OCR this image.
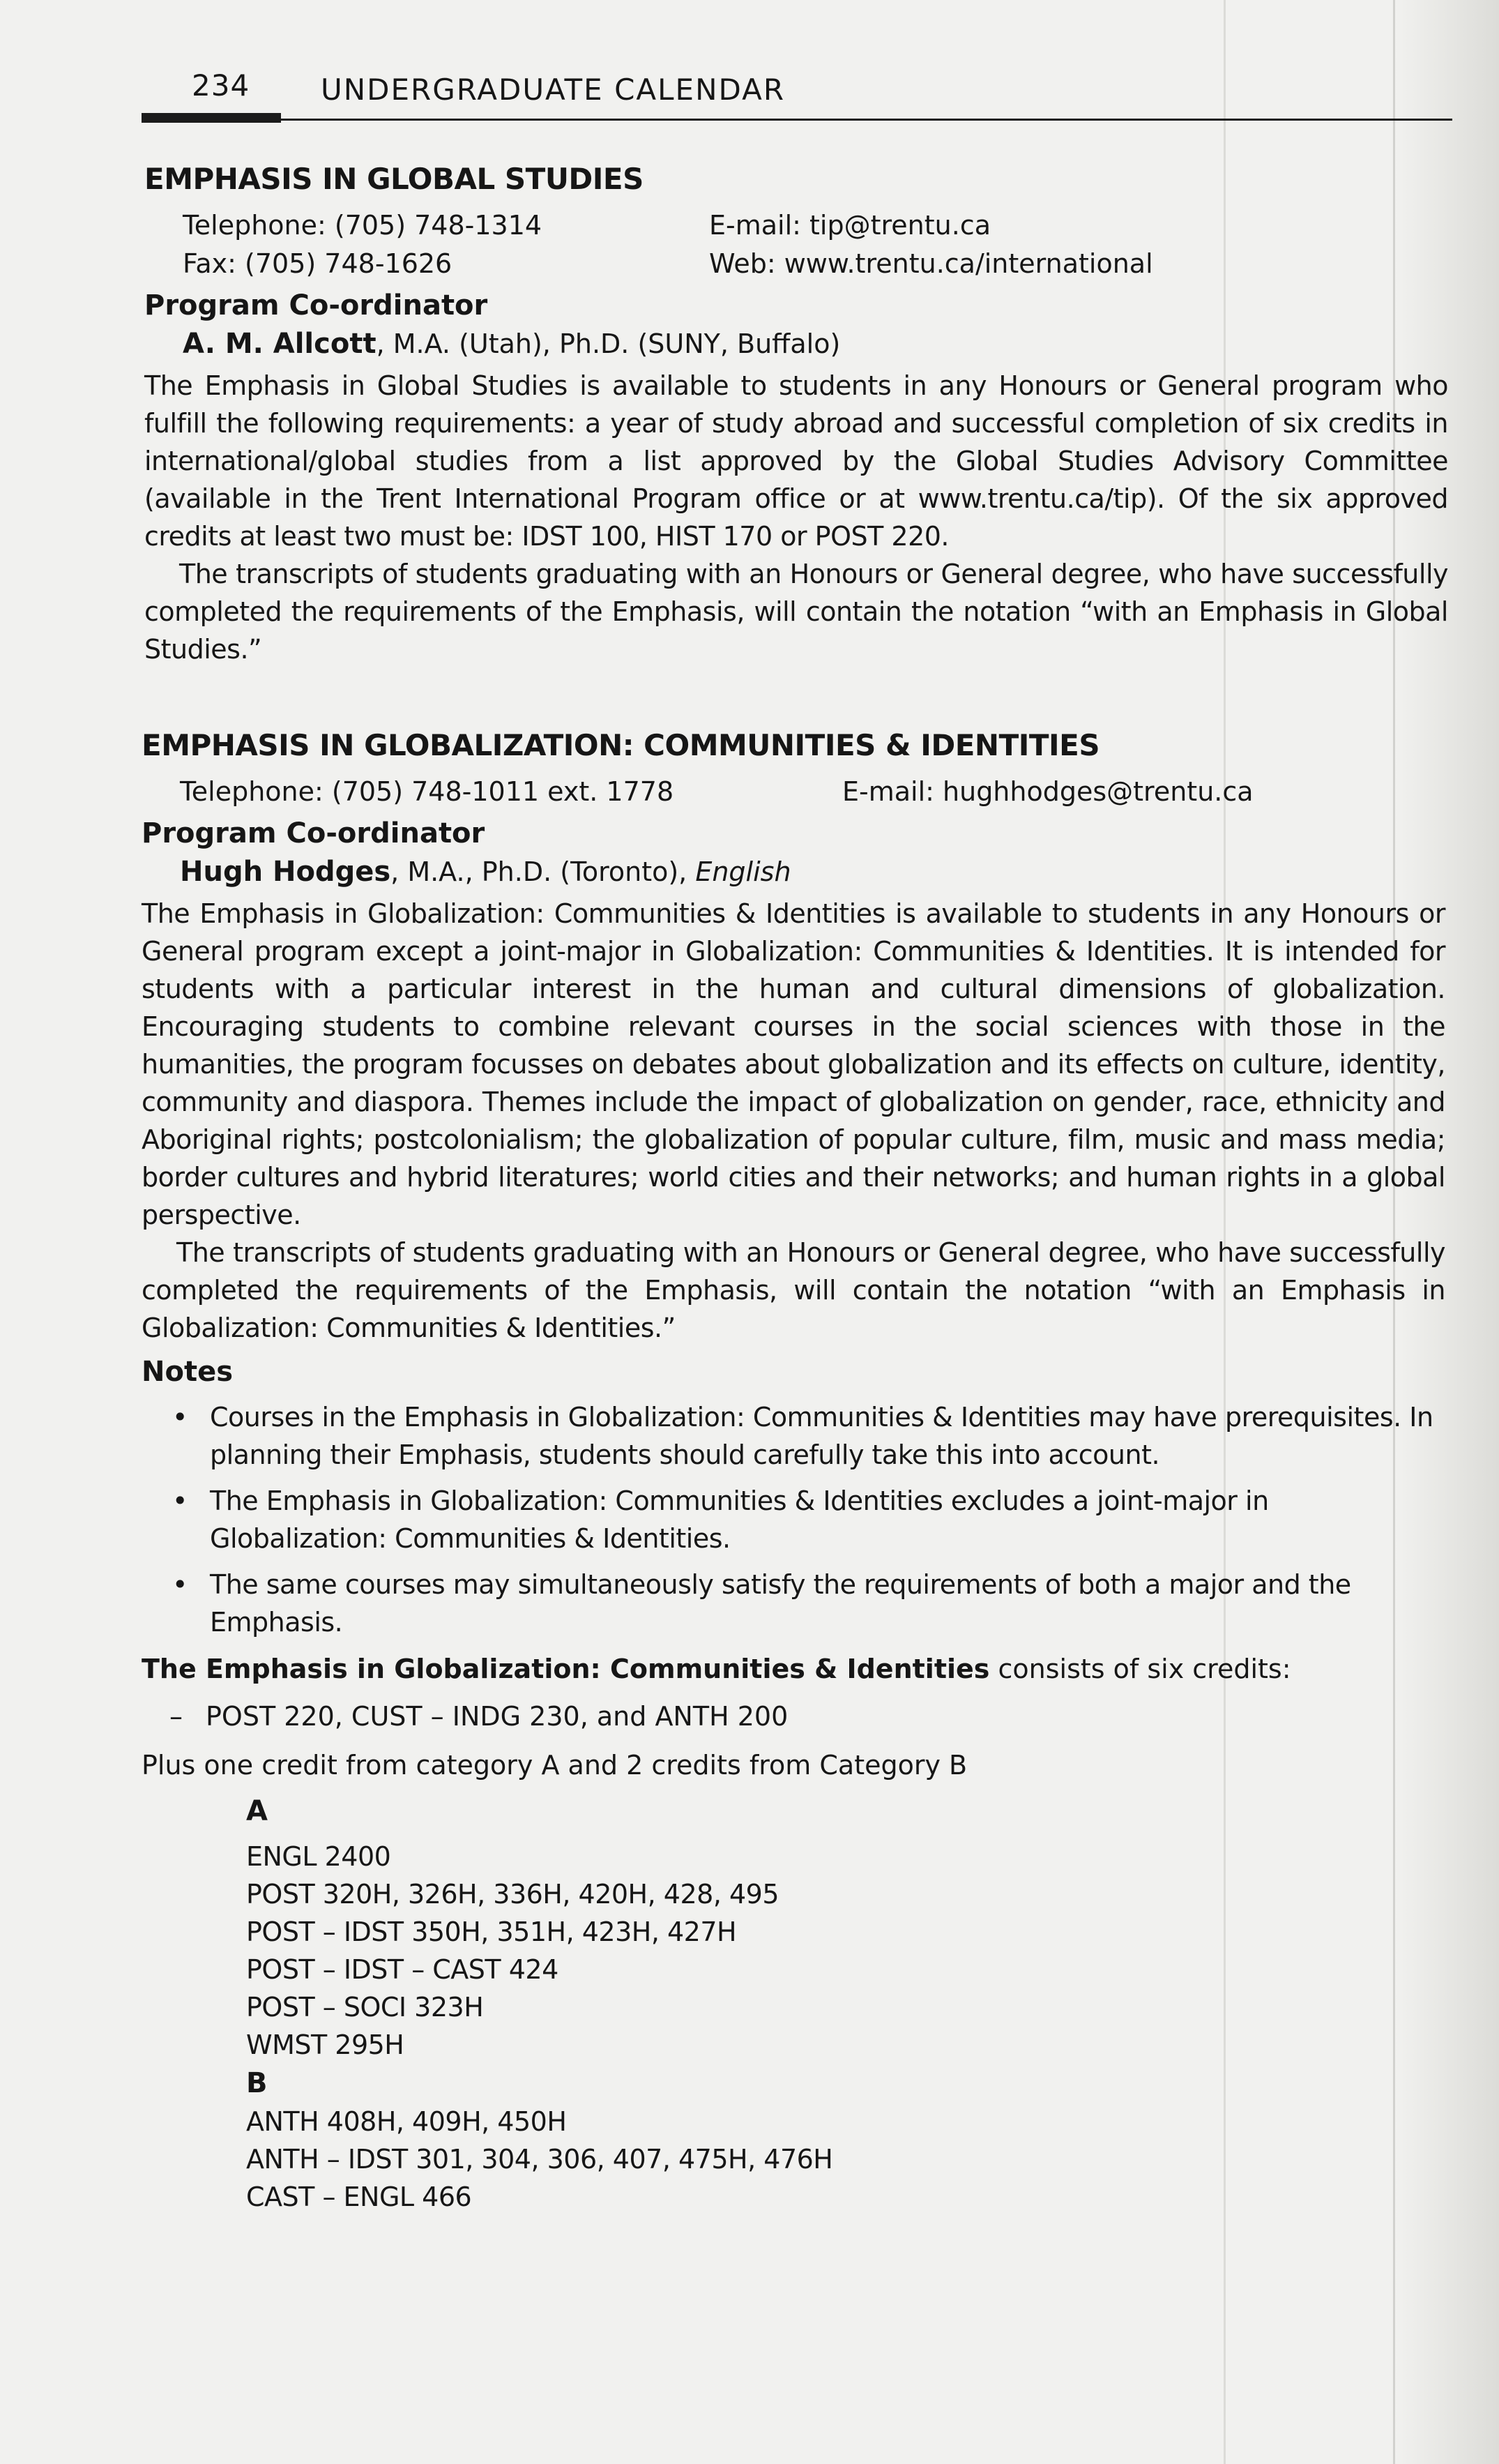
234 UNDERGRADUATE CALENDAR
EMPHASIS IN GLOBAL STUDIES
Telephone: (705) 748-1314	E-mail: tip@trentu.ca
Fax: (705) 748-1626	Web: www.trentu.ca/international
Program Co-ordinator
A. M. Allcott, M.A. (Utah), Ph.D. (SUNY, Buffalo)

The Emphasis in Global Studies is available to students in any Honours or General program who fulfill the following requirements: a year of study abroad and successful completion of six credits in international/global studies from a list approved by the Global Studies Advisory Committee (available in the Trent International Program office or at www.trentu.ca/tip). Of the six approved credits at least two must be: IDST 100, HIST 170 or POST 220.

The transcripts of students graduating with an Honours or General degree, who have successfully completed the requirements of the Emphasis, will contain the notation “with an Emphasis in Global Studies.”

EMPHASIS IN GLOBALIZATION: COMMUNITIES & IDENTITIES
Telephone: (705) 748-1011 ext. 1778	E-mail: hughhodges@trentu.ca
Program Co-ordinator
Hugh Hodges, M.A., Ph.D. (Toronto), English

The Emphasis in Globalization: Communities & Identities is available to students in any Honours or General program except a joint-major in Globalization: Communities & Identities. It is intended for students with a particular interest in the human and cultural dimensions of globalization. Encouraging students to combine relevant courses in the social sciences with those in the humanities, the program focusses on debates about globalization and its effects on culture, identity, community and diaspora. Themes include the impact of globalization on gender, race, ethnicity and Aboriginal rights; postcolonialism; the globalization of popular culture, film, music and mass media; border cultures and hybrid literatures; world cities and their networks; and human rights in a global perspective.

The transcripts of students graduating with an Honours or General degree, who have successfully completed the requirements of the Emphasis, will contain the notation “with an Emphasis in Globalization: Communities & Identities.”

Notes
• Courses in the Emphasis in Globalization: Communities & Identities may have prerequisites. In planning their Emphasis, students should carefully take this into account.
• The Emphasis in Globalization: Communities & Identities excludes a joint-major in Globalization: Communities & Identities.
• The same courses may simultaneously satisfy the requirements of both a major and the Emphasis.
The Emphasis in Globalization: Communities & Identities consists of six credits:
– POST 220, CUST – INDG 230, and ANTH 200
Plus one credit from category A and 2 credits from Category B
A
ENGL 2400
POST 320H, 326H, 336H, 420H, 428, 495
POST – IDST 350H, 351H, 423H, 427H
POST – IDST – CAST 424
POST – SOCI 323H
WMST 295H
B
ANTH 408H, 409H, 450H
ANTH – IDST 301, 304, 306, 407, 475H, 476H
CAST – ENGL 466
